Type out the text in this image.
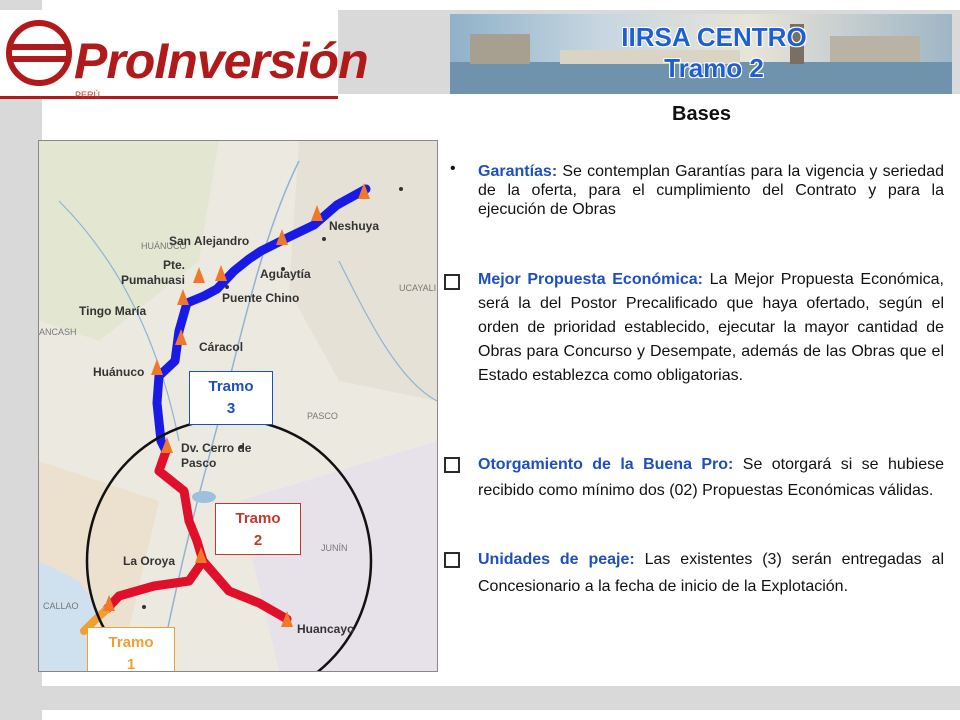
ProInversión
PERÚ
IIRSA CENTRO
Tramo 2
Bases
HUÁNUCO
UCAYALI
ANCASH
PASCO
JUNÍN
CALLAO
Neshuya
San Alejandro
Pte. Pumahuasi	Aguaytía
Puente Chino
Tingo María
Cáracol
Huánuco
Dv. Cerro de Pasco
La Oroya
Huancayo
Tramo
3
Tramo
2
Tramo
1
• Garantías: Se contemplan Garantías para la vigencia y seriedad de la oferta, para el cumplimiento del Contrato y para la ejecución de Obras
Mejor Propuesta Económica: La Mejor Propuesta Económica, será la del Postor Precalificado que haya ofertado, según el orden de prioridad establecido, ejecutar la mayor cantidad de Obras para Concurso y Desempate, además de las Obras que el Estado establezca como obligatorias.
Otorgamiento de la Buena Pro: Se otorgará si se hubiese recibido como mínimo dos (02) Propuestas Económicas válidas.
Unidades de peaje: Las existentes (3) serán entregadas al Concesionario a la fecha de inicio de la Explotación.
